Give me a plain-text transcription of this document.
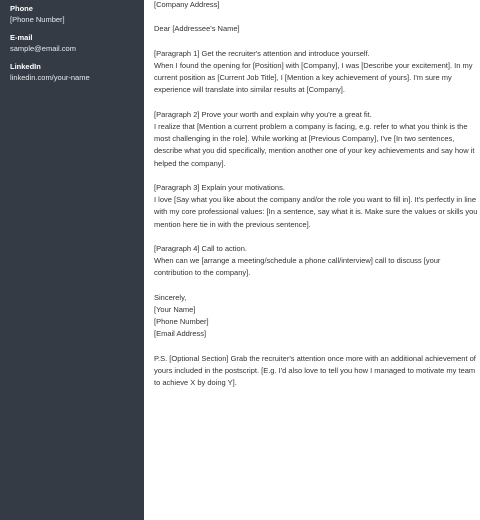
Phone
[Phone Number]
E-mail
sample@email.com
LinkedIn
linkedin.com/your-name
[Company Address]
Dear [Addressee's Name]
[Paragraph 1] Get the recruiter's attention and introduce yourself.
When I found the opening for [Position] with [Company], I was [Describe your excitement]. In my
current position as [Current Job Title], I [Mention a key achievement of yours]. I'm sure my
experience will translate into similar results at [Company].
[Paragraph 2] Prove your worth and explain why you're a great fit.
I realize that [Mention a current problem a company is facing, e.g. refer to what you think is the
most challenging in the role]. While working at [Previous Company], I've [In two sentences,
describe what you did specifically, mention another one of your key achievements and say how it
helped the company].
[Paragraph 3] Explain your motivations.
I love [Say what you like about the company and/or the role you want to fill in]. It's perfectly in line
with my core professional values: [In a sentence, say what it is. Make sure the values or skills you
mention here tie in with the previous sentence].
[Paragraph 4] Call to action.
When can we [arrange a meeting/schedule a phone call/interview] call to discuss [your
contribution to the company].
Sincerely,
[Your Name]
[Phone Number]
[Email Address]
P.S. [Optional Section] Grab the recruiter's attention once more with an additional achievement of
yours included in the postscript. [E.g. I'd also love to tell you how I managed to motivate my team
to achieve X by doing Y].
